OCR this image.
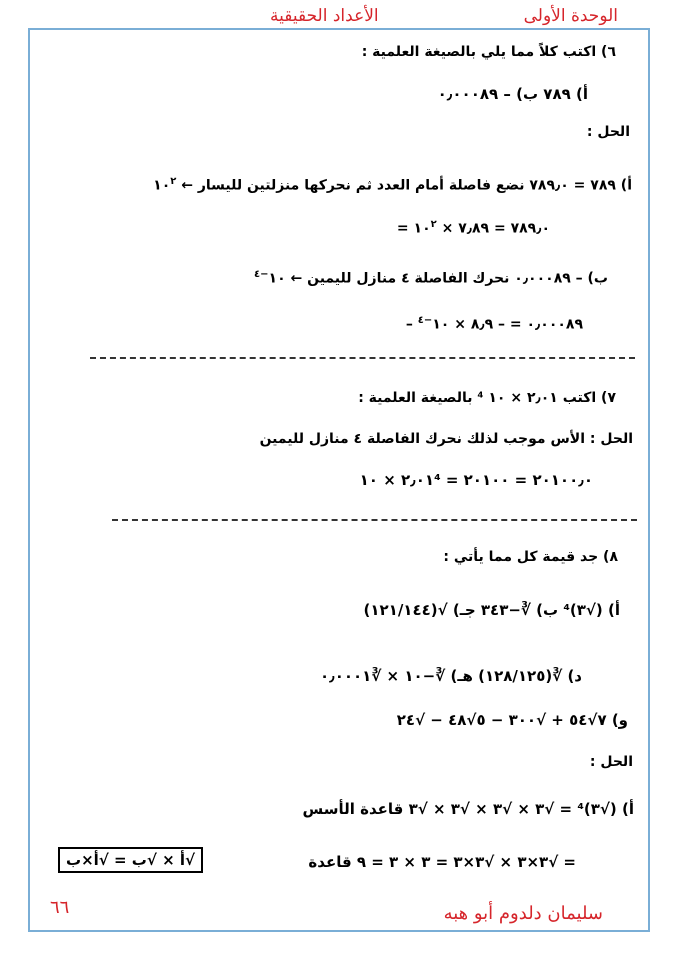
الوحدة الأولى
الأعداد الحقيقية
٦) اكتب كلاً مما يلي بالصيغة العلمية :
أ) ٧٨٩ ب) – ٠٫٠٠٠٨٩
الحل :
أ) ٧٨٩ = ٧٨٩٫٠ نضع فاصلة أمام العدد ثم نحركها منزلتين لليسار ← $١٠^٢$
= ٧٨٩٫٠ = ٧٫٨٩ × $١٠^٢$
ب) – ٠٫٠٠٠٨٩ نحرك الفاصلة ٤ منازل لليمين ← $١٠^{-٤}$
– ٠٫٠٠٠٨٩ = – ٨٫٩ × $١٠^{-٤}$
٧) اكتب ٢٫٠١ × ١٠ ⁴ بالصيغة العلمية :
الحل : الأس موجب لذلك نحرك الفاصلة ٤ منازل لليمين
٢٫٠١ × ١٠⁴ = ٢٠١٠٠٫٠ = ٢٠١٠٠
٨) جد قيمة كل مما يأتي :
أ) (√٣)⁴ ب) ∛−٣٤٣ جـ) √(١٢١/١٤٤)
د) ∛(١٢٨/١٢٥) هـ) ∛−١٠ × ∛٠٫٠٠٠١
و) ٧√٥٤ + √٣٠٠ − ٥√٤٨ − √٢٤
الحل :
أ) (√٣)⁴ = √٣ × √٣ × √٣ × √٣ قاعدة الأسس
= √٣×٣ × √٣×٣ = ٣ × ٣ = ٩ قاعدة
√أ × √ب = √أ×ب
٦٦	سليمان دلدوم أبو هبه
